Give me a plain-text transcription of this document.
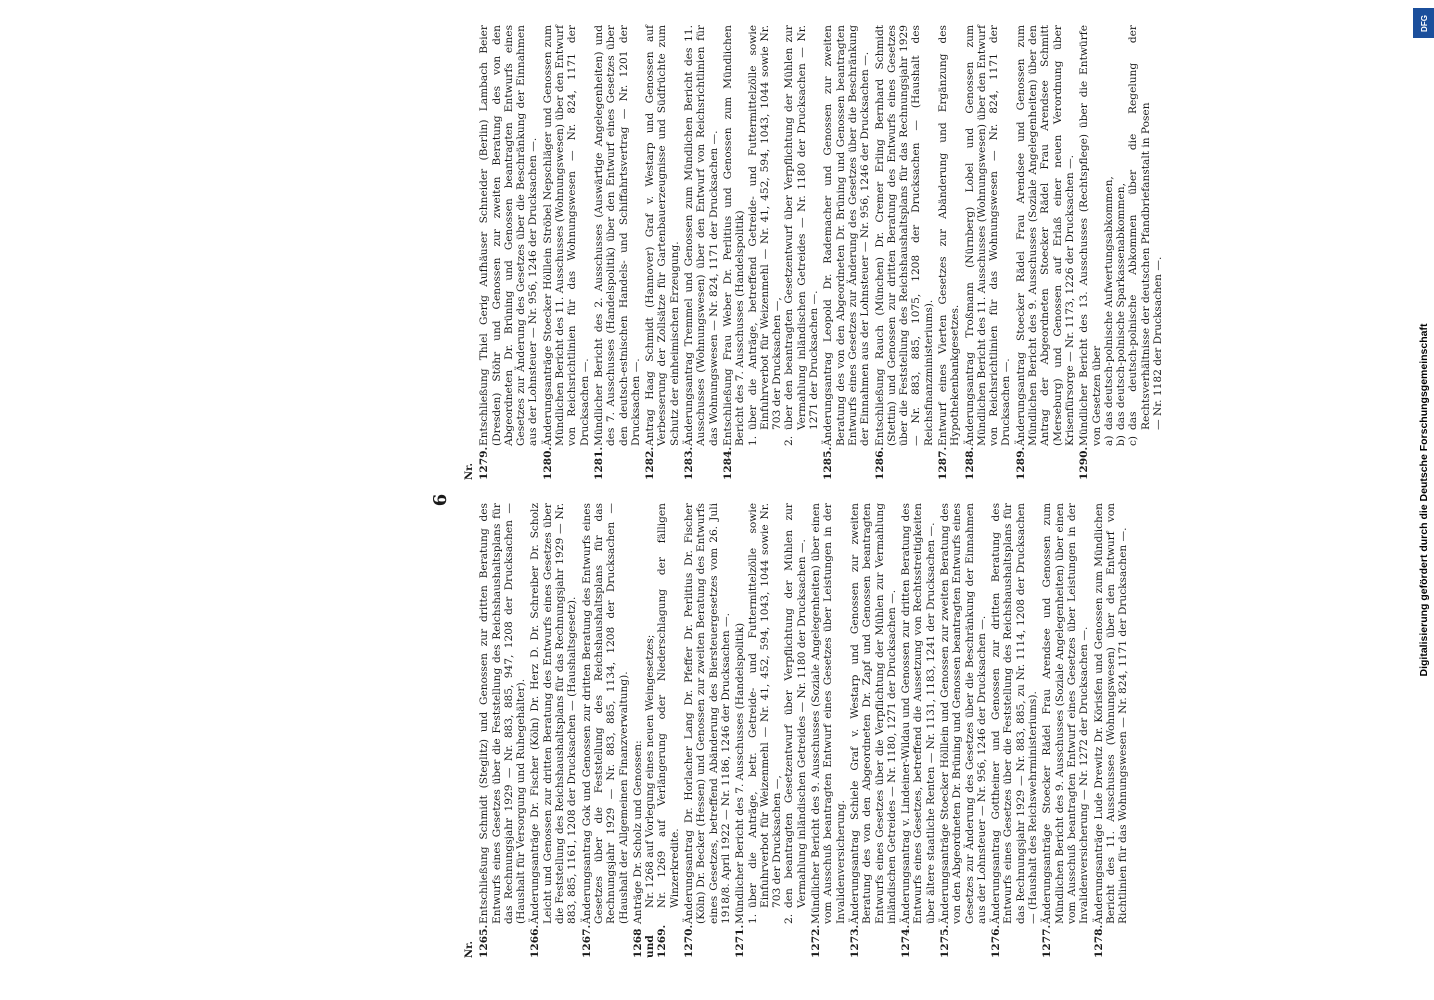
6
Nr. 1265.

Entschließung Schmidt (Steglitz) und Genossen zur dritten Beratung des Entwurfs eines Gesetzes über die Feststellung des Reichshaushaltsplans für das Rechnungsjahr 1929 — Nr. 883, 885, 947, 1208 der Drucksachen — (Haushalt für Versorgung und Ruhegehälter).

1266.

Änderungsanträge Dr. Fischer (Köln) Dr. Herz D. Dr. Schreiber Dr. Scholz Leicht und Genossen zur dritten Beratung des Entwurfs eines Gesetzes über die Feststellung des Reichshaushaltsplans für das Rechnungsjahr 1929 — Nr. 883, 885, 1161, 1208 der Drucksachen — (Haushaltsgesetz).

1267.

Änderungsantrag Gok und Genossen zur dritten Beratung des Entwurfs eines Gesetzes über die Feststellung des Reichshaushaltsplans für das Rechnungsjahr 1929 — Nr. 883, 885, 1134, 1208 der Drucksachen — (Haushalt der Allgemeinen Finanzverwaltung).

1268 und 1269.

Anträge Dr. Scholz und Genossen: Nr. 1268 auf Vorlegung eines neuen Weingesetzes; Nr. 1269 auf Verlängerung oder Niederschlagung der fälligen Winzerkredite.
1270.

Änderungsantrag Dr. Horlacher Lang Dr. Pfeffer Dr. Perlitius Dr. Fischer (Köln) Dr. Becker (Hessen) und Genossen zur zweiten Beratung des Entwurfs eines Gesetzes, betreffend Abänderung des Biersteuergesetzes vom 26. Juli 1918/8. April 1922 — Nr. 1186, 1246 der Drucksachen —.

1271.

Mündlicher Bericht des 7. Ausschusses (Handelspolitik) 1.
über die Anträge, betr. Getreide- und Futtermittelzölle sowie Einfuhrverbot für Weizenmehl — Nr. 41, 452, 594, 1043, 1044 sowie Nr. 703 der Drucksachen —,
2.
den beantragten Gesetzentwurf über Verpflichtung der Mühlen zur Vermahlung inländischen Getreides — Nr. 1180 der Drucksachen —.
1272.

Mündlicher Bericht des 9. Ausschusses (Soziale Angelegenheiten) über einen vom Ausschuß beantragten Entwurf eines Gesetzes über Leistungen in der Invalidenversicherung.

1273.

Änderungsantrag Schiele Graf v. Westarp und Genossen zur zweiten Beratung des von den Abgeordneten Dr. Zapf und Genossen beantragten Entwurfs eines Gesetzes über die Verpflichtung der Mühlen zur Vermahlung inländischen Getreides — Nr. 1180, 1271 der Drucksachen —.

1274.

Änderungsantrag v. Lindeiner-Wildau und Genossen zur dritten Beratung des Entwurfs eines Gesetzes, betreffend die Aussetzung von Rechtsstreitigkeiten über ältere staatliche Renten — Nr. 1131, 1183, 1241 der Drucksachen —.

1275.

Änderungsanträge Stoecker Hölllein und Genossen zur zweiten Beratung des von den Abgeordneten Dr. Brüning und Genossen beantragten Entwurfs eines Gesetzes zur Änderung des Gesetzes über die Beschränkung der Einnahmen aus der Lohnsteuer — Nr. 956, 1246 der Drucksachen —.

1276.

Änderungsantrag Gottheiner und Genossen zur dritten Beratung des Entwurfs eines Gesetzes über die Feststellung des Reichshaushaltsplans für das Rechnungsjahr 1929 — Nr. 883, 885, zu Nr. 1114, 1208 der Drucksachen — (Haushalt des Reichswehrministeriums).

1277.

Änderungsanträge Stoecker Rädel Frau Arendsee und Genossen zum Mündlichen Bericht des 9. Ausschusses (Soziale Angelegenheiten) über einen vom Ausschuß beantragten Entwurf eines Gesetzes über Leistungen in der Invalidenversicherung — Nr. 1272 der Drucksachen —.

1278.

Änderungsanträge Lude Drewitz Dr. Körisfen und Genossen zum Mündlichen Bericht des 11. Ausschusses (Wohnungswesen) über den Entwurf von Richtlinien für das Wohnungswesen — Nr. 824, 1171 der Drucksachen —.

Nr. 1279.

Entschließung Thiel Gerig Aufhäuser Schneider (Berlin) Lambach Beier (Dresden) Stöhr und Genossen zur zweiten Beratung des von den Abgeordneten Dr. Brüning und Genossen beantragten Entwurfs eines Gesetzes zur Änderung des Gesetzes über die Beschränkung der Einnahmen aus der Lohnsteuer — Nr. 956, 1246 der Drucksachen —.

1280.

Änderungsanträge Stoecker Hölllein Ströbel Nepschläger und Genossen zum Mündlichen Bericht des 11. Ausschusses (Wohnungswesen) über den Entwurf von Reichsrichtlinien für das Wohnungswesen — Nr. 824, 1171 der Drucksachen —.

1281.

Mündlicher Bericht des 2. Ausschusses (Auswärtige Angelegenheiten) und des 7. Ausschusses (Handelspolitik) über den Entwurf eines Gesetzes über den deutsch-estnischen Handels- und Schiffahrtsvertrag — Nr. 1201 der Drucksachen —.

1282.

Antrag Haag Schmidt (Hannover) Graf v. Westarp und Genossen auf Verbesserung der Zollsätze für Gartenbauerzeugnisse und Südfrüchte zum Schutz der einheimischen Erzeugung.

1283.

Änderungsantrag Tremmel und Genossen zum Mündlichen Bericht des 11. Ausschusses (Wohnungswesen) über den Entwurf von Reichsrichtlinien für das Wohnungswesen — Nr. 824, 1171 der Drucksachen —.

1284.

Entschließung Frau Weber Dr. Perlitius und Genossen zum Mündlichen Bericht des 7. Ausschusses (Handelspolitik) 1.
über die Anträge, betreffend Getreide- und Futtermittelzölle sowie Einfuhrverbot für Weizenmehl — Nr. 41, 452, 594, 1043, 1044 sowie Nr. 703 der Drucksachen —,
2.
über den beantragten Gesetzentwurf über Verpflichtung der Mühlen zur Vermahlung inländischen Getreides — Nr. 1180 der Drucksachen — Nr. 1271 der Drucksachen —.
1285.

Änderungsantrag Leopold Dr. Rademacher und Genossen zur zweiten Beratung des von den Abgeordneten Dr. Brüning und Genossen beantragten Entwurfs eines Gesetzes zur Änderung des Gesetzes über die Beschränkung der Einnahmen aus der Lohnsteuer — Nr. 956, 1246 der Drucksachen —.

1286.

Entschließung Rauch (München) Dr. Cremer Erling Bernhard Schmidt (Stettin) und Genossen zur dritten Beratung des Entwurfs eines Gesetzes über die Feststellung des Reichshaushaltsplans für das Rechnungsjahr 1929 — Nr. 883, 885, 1075, 1208 der Drucksachen — (Haushalt des Reichsfinanzministeriums).

1287.

Entwurf eines Vierten Gesetzes zur Abänderung und Ergänzung des Hypothekenbankgesetzes.

1288.

Änderungsantrag Troßmann (Nürnberg) Lobel und Genossen zum Mündlichen Bericht des 11. Ausschusses (Wohnungswesen) über den Entwurf von Reichsrichtlinien für das Wohnungswesen — Nr. 824, 1171 der Drucksachen —.

1289.

Änderungsantrag Stoecker Rädel Frau Arendsee und Genossen zum Mündlichen Bericht des 9. Ausschusses (Soziale Angelegenheiten) über den Antrag der Abgeordneten Stoecker Rädel Frau Arendsee Schmitt (Merseburg) und Genossen auf Erlaß einer neuen Verordnung über Krisenfürsorge — Nr. 1173, 1226 der Drucksachen —.

1290.

Mündlicher Bericht des 13. Ausschusses (Rechtspflege) über die Entwürfe von Gesetzen über a)
das deutsch-polnische Aufwertungsabkommen,
b)
das deutsch-polnische Sparkassenabkommen,
c)
das deutsch-polnische Abkommen über die Regelung der Rechtsverhältnisse der deutschen Pfandbriefanstalt in Posen — Nr. 1182 der Drucksachen —.
DFG
Digitalisierung gefördert durch die Deutsche Forschungsgemeinschaft
